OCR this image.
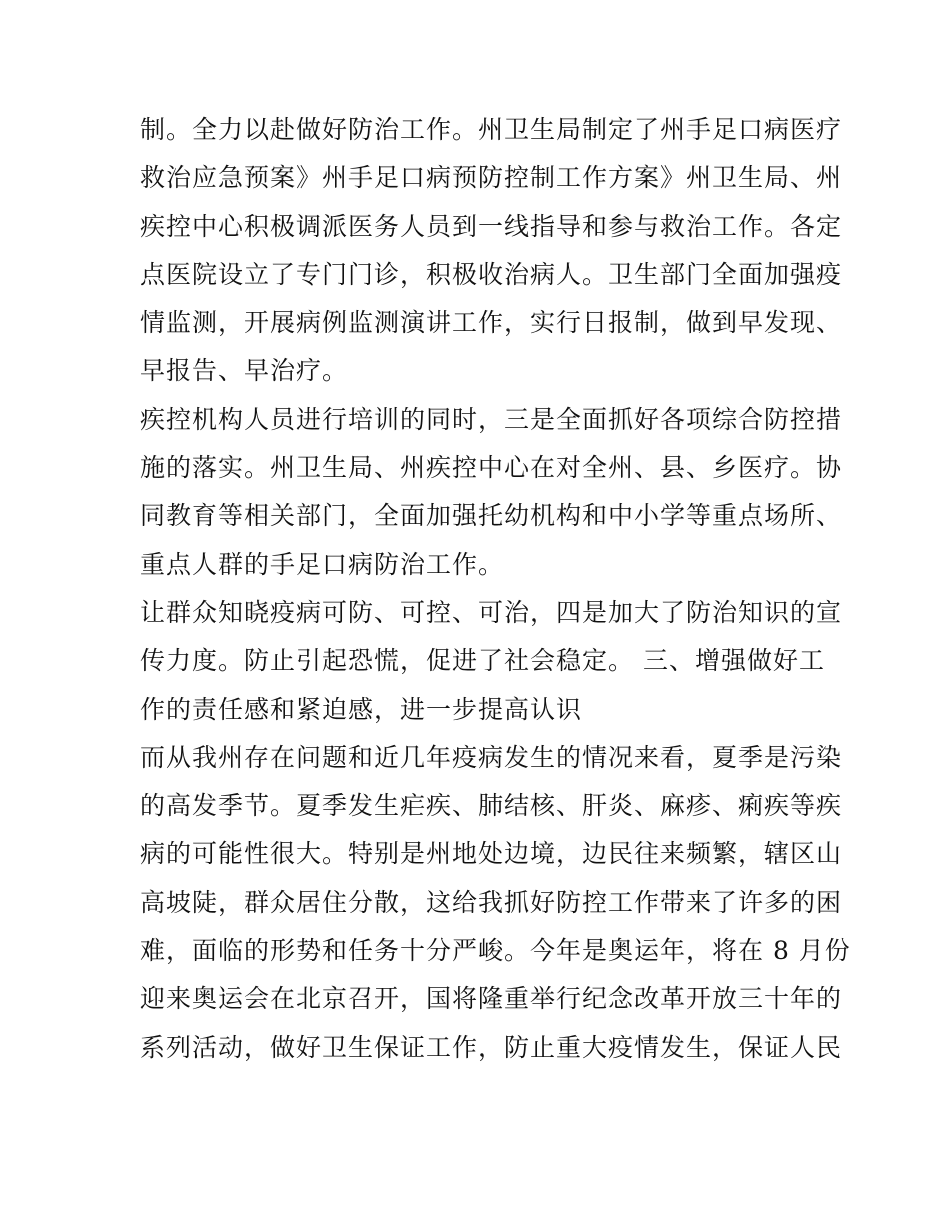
制。全力以赴做好防治工作。州卫生局制定了州手足口病医疗
救治应急预案》州手足口病预防控制工作方案》州卫生局、州
疾控中心积极调派医务人员到一线指导和参与救治工作。各定
点医院设立了专门门诊，积极收治病人。卫生部门全面加强疫
情监测，开展病例监测演讲工作，实行日报制，做到早发现、
早报告、早治疗。
疾控机构人员进行培训的同时，三是全面抓好各项综合防控措
施的落实。州卫生局、州疾控中心在对全州、县、乡医疗。协
同教育等相关部门，全面加强托幼机构和中小学等重点场所、
重点人群的手足口病防治工作。
让群众知晓疫病可防、可控、可治，四是加大了防治知识的宣
传力度。防止引起恐慌，促进了社会稳定。 三、增强做好工
作的责任感和紧迫感，进一步提高认识
而从我州存在问题和近几年疫病发生的情况来看，夏季是污染
的高发季节。夏季发生疟疾、肺结核、肝炎、麻疹、痢疾等疾
病的可能性很大。特别是州地处边境，边民往来频繁，辖区山
高坡陡，群众居住分散，这给我抓好防控工作带来了许多的困
难，面临的形势和任务十分严峻。今年是奥运年，将在 8 月份
迎来奥运会在北京召开，国将隆重举行纪念改革开放三十年的
系列活动，做好卫生保证工作，防止重大疫情发生，保证人民
